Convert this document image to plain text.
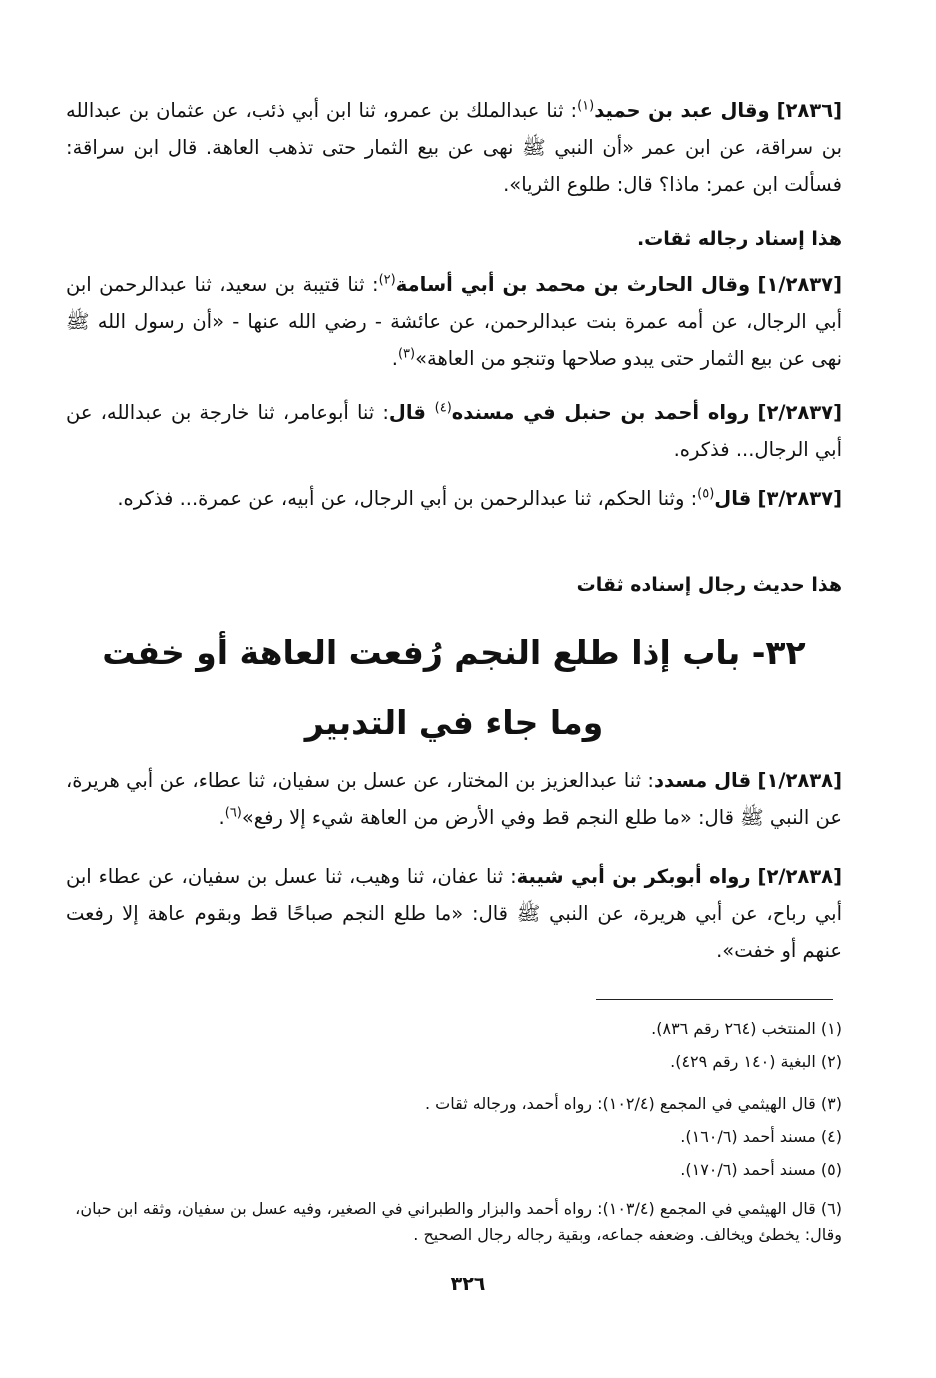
[٢٨٣٦] وقال عبد بن حميد$^{(١)}$: ثنا عبدالملك بن عمرو، ثنا ابن أبي ذئب، عن عثمان بن عبدالله بن سراقة، عن ابن عمر «أن النبي ﷺ نهى عن بيع الثمار حتى تذهب العاهة. قال ابن سراقة: فسألت ابن عمر: ماذا؟ قال: طلوع الثريا».

هذا إسناد رجاله ثقات.

[١/٢٨٣٧] وقال الحارث بن محمد بن أبي أسامة$^{(٢)}$: ثنا قتيبة بن سعيد، ثنا عبدالرحمن ابن أبي الرجال، عن أمه عمرة بنت عبدالرحمن، عن عائشة - رضي الله عنها - «أن رسول الله ﷺ نهى عن بيع الثمار حتى يبدو صلاحها وتنجو من العاهة»$^{(٣)}$.

[٢/٢٨٣٧] رواه أحمد بن حنبل في مسنده$^{(٤)}$ قال: ثنا أبوعامر، ثنا خارجة بن عبدالله، عن أبي الرجال... فذكره.

[٣/٢٨٣٧] قال$^{(٥)}$: وثنا الحكم، ثنا عبدالرحمن بن أبي الرجال، عن أبيه، عن عمرة... فذكره.

هذا حديث رجال إسناده ثقات

٣٢- باب إذا طلع النجم رُفعت العاهة أو خفت

وما جاء في التدبير

[١/٢٨٣٨] قال مسدد: ثنا عبدالعزيز بن المختار، عن عسل بن سفيان، ثنا عطاء، عن أبي هريرة، عن النبي ﷺ قال: «ما طلع النجم قط وفي الأرض من العاهة شيء إلا رفع»$^{(٦)}$.

[٢/٢٨٣٨] رواه أبوبكر بن أبي شيبة: ثنا عفان، ثنا وهيب، ثنا عسل بن سفيان، عن عطاء ابن أبي رباح، عن أبي هريرة، عن النبي ﷺ قال: «ما طلع النجم صباحًا قط وبقوم عاهة إلا رفعت عنهم أو خفت».

(١) المنتخب (٢٦٤ رقم ٨٣٦).

(٢) البغية (١٤٠ رقم ٤٢٩).

(٣) قال الهيثمي في المجمع (١٠٢/٤): رواه أحمد، ورجاله ثقات .

(٤) مسند أحمد (١٦٠/٦).

(٥) مسند أحمد (١٧٠/٦).

(٦) قال الهيثمي في المجمع (١٠٣/٤): رواه أحمد والبزار والطبراني في الصغير، وفيه عسل بن سفيان، وثقه ابن حبان، وقال: يخطئ ويخالف. وضعفه جماعه، وبقية رجاله رجال الصحيح .

٣٢٦
